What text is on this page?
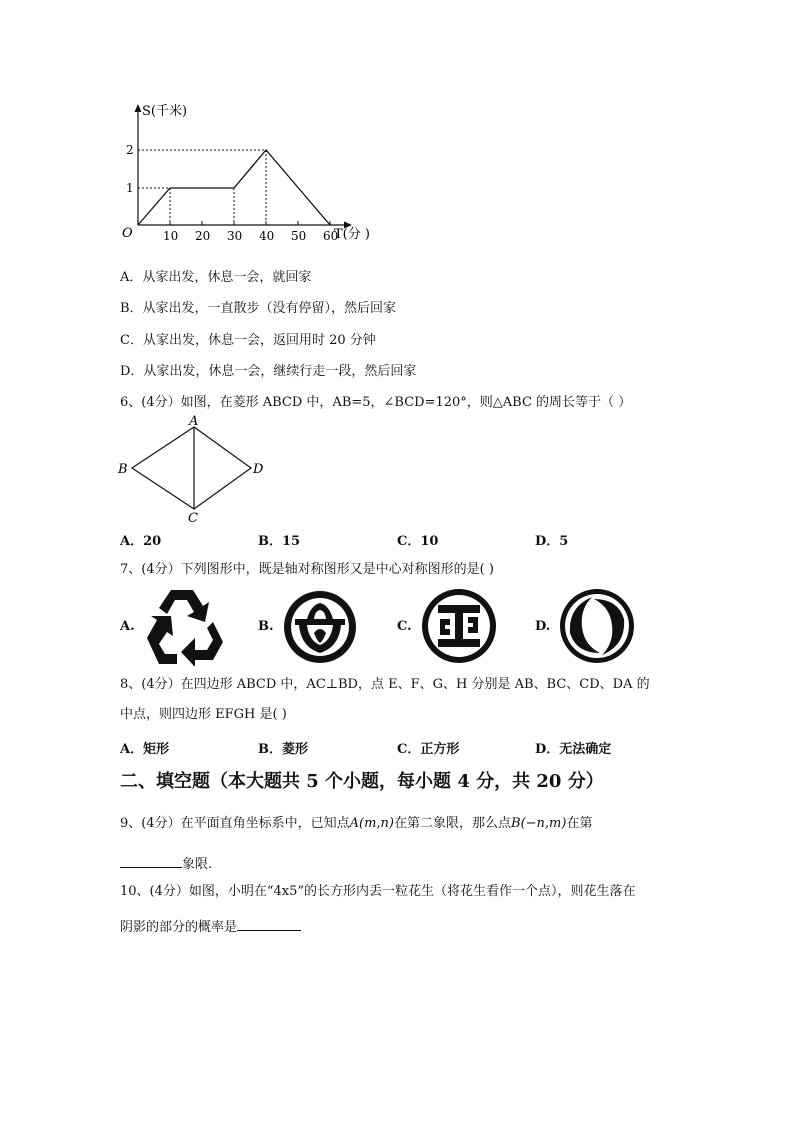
S(千米)
T(分 )
O
1
2
10 20 30 40 50 60
A．从家出发，休息一会，就回家
B．从家出发，一直散步（没有停留），然后回家
C．从家出发，休息一会，返回用时 20 分钟
D．从家出发，休息一会，继续行走一段，然后回家
6、(4分）如图，在菱形 ABCD 中，AB=5，∠BCD=120°，则△ABC 的周长等于（ ）
A
B
C
D
A．20	B．15	C．10	D．5
7、(4分）下列图形中，既是轴对称图形又是中心对称图形的是( )
A.	B.	C.	D.
8、(4分）在四边形 ABCD 中，AC⊥BD，点 E、F、G、H 分别是 AB、BC、CD、DA 的
中点，则四边形 EFGH 是( )
A．矩形	B．菱形	C．正方形	D．无法确定
二、填空题（本大题共 5 个小题，每小题 4 分，共 20 分）
9、(4分）在平面直角坐标系中，已知点A(m,n)在第二象限，那么点B(−n,m)在第
象限.
10、(4分）如图，小明在“4x5”的长方形内丢一粒花生（将花生看作一个点），则花生落在
阴影的部分的概率是
